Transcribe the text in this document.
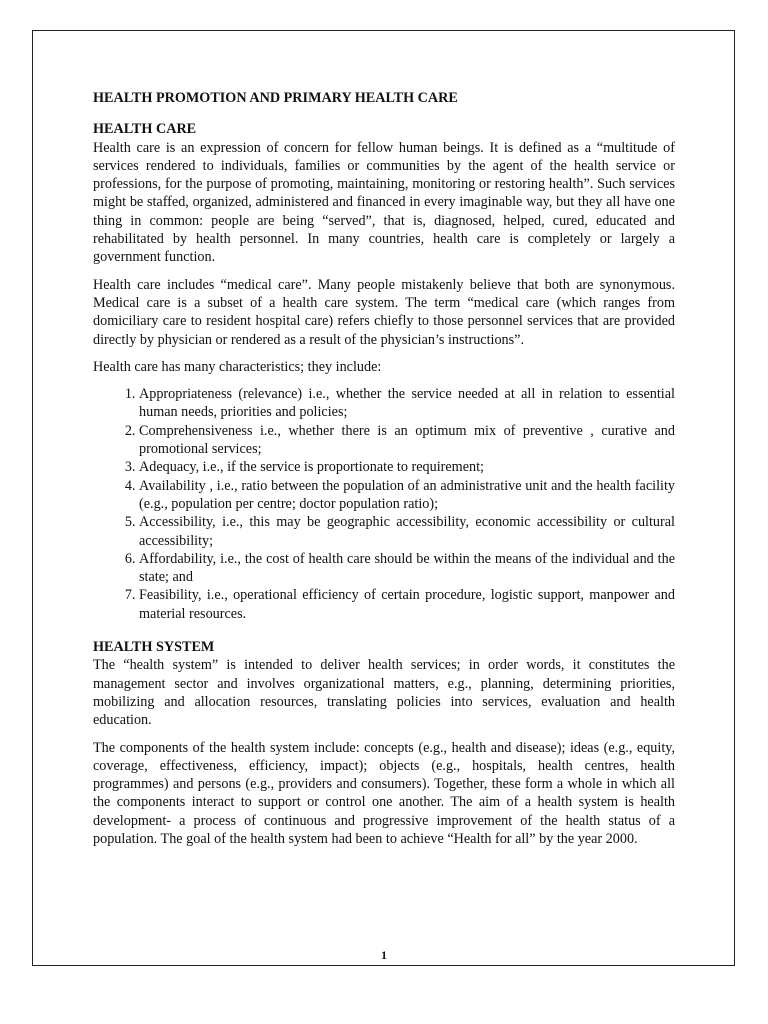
HEALTH PROMOTION AND PRIMARY HEALTH CARE
HEALTH CARE

Health care is an expression of concern for fellow human beings. It is defined as a “multitude of services rendered to individuals, families or communities by the agent of the health service or professions, for the purpose of promoting, maintaining, monitoring or restoring health”. Such services might be staffed, organized, administered and financed in every imaginable way, but they all have one thing in common: people are being “served”, that is, diagnosed, helped, cured, educated and rehabilitated by health personnel. In many countries, health care is completely or largely a government function.

Health care includes “medical care”. Many people mistakenly believe that both are synonymous. Medical care is a subset of a health care system. The term “medical care (which ranges from domiciliary care to resident hospital care) refers chiefly to those personnel services that are provided directly by physician or rendered as a result of the physician’s instructions”.

Health care has many characteristics; they include:

1. Appropriateness (relevance) i.e., whether the service needed at all in relation to essential human needs, priorities and policies;
2. Comprehensiveness i.e., whether there is an optimum mix of preventive , curative and promotional services;
3. Adequacy, i.e., if the service is proportionate to requirement;
4. Availability , i.e., ratio between the population of an administrative unit and the health facility (e.g., population per centre; doctor population ratio);
5. Accessibility, i.e., this may be geographic accessibility, economic accessibility or cultural accessibility;
6. Affordability, i.e., the cost of health care should be within the means of the individual and the state; and
7. Feasibility, i.e., operational efficiency of certain procedure, logistic support, manpower and material resources.
HEALTH SYSTEM

The “health system” is intended to deliver health services; in order words, it constitutes the management sector and involves organizational matters, e.g., planning, determining priorities, mobilizing and allocation resources, translating policies into services, evaluation and health education.

The components of the health system include: concepts (e.g., health and disease); ideas (e.g., equity, coverage, effectiveness, efficiency, impact); objects (e.g., hospitals, health centres, health programmes) and persons (e.g., providers and consumers). Together, these form a whole in which all the components interact to support or control one another. The aim of a health system is health development- a process of continuous and progressive improvement of the health status of a population. The goal of the health system had been to achieve “Health for all” by the year 2000.

1
